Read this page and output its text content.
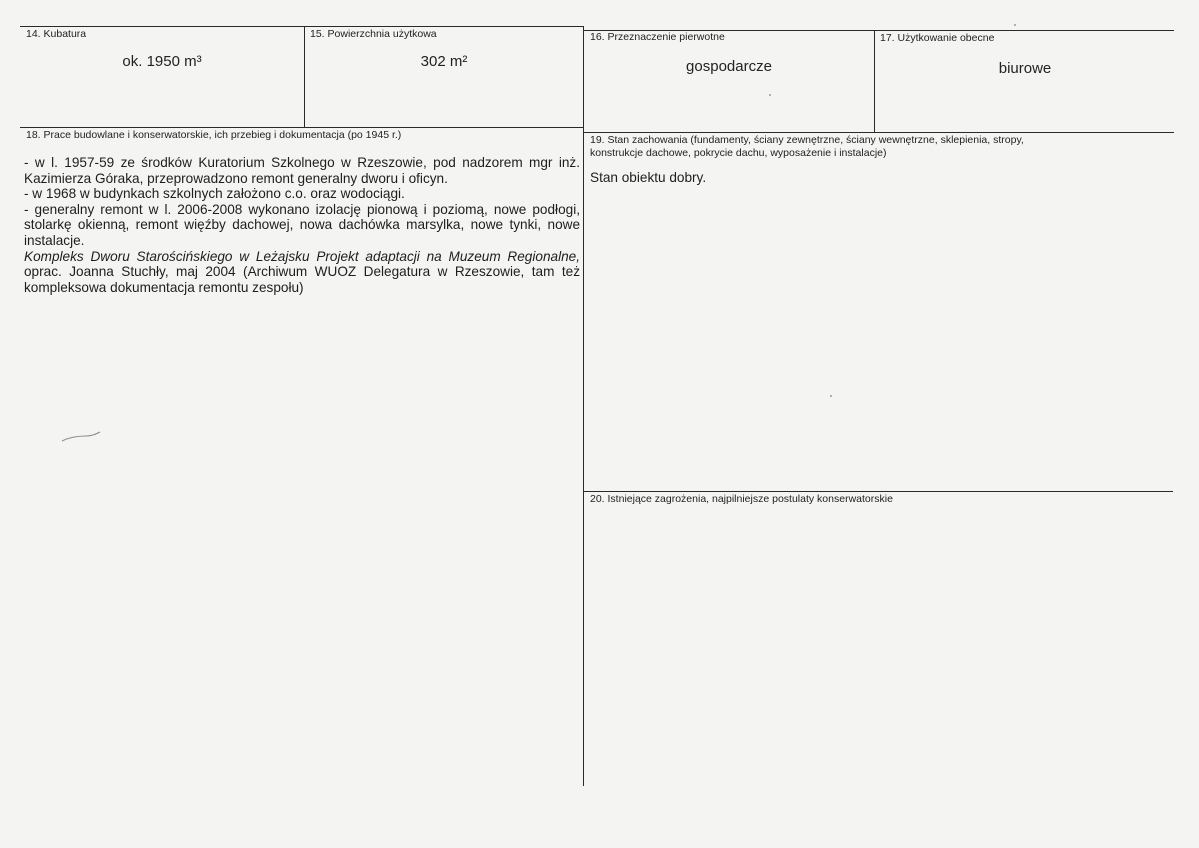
14. Kubatura
ok. 1950 m³
15. Powierzchnia użytkowa
302 m²
16. Przeznaczenie pierwotne
gospodarcze
17. Użytkowanie obecne
biurowe
18. Prace budowlane i konserwatorskie, ich przebieg i dokumentacja (po 1945 r.)

- w l. 1957-59 ze środków Kuratorium Szkolnego w Rzeszowie, pod nadzorem mgr inż. Kazimierza Góraka, przeprowadzono remont generalny dworu i oficyn.

- w 1968 w budynkach szkolnych założono c.o. oraz wodociągi.

- generalny remont w l. 2006-2008 wykonano izolację pionową i poziomą, nowe podłogi, stolarkę okienną, remont więźby dachowej, nowa dachówka marsylka, nowe tynki, nowe instalacje.

Kompleks Dworu Starościńskiego w Leżajsku Projekt adaptacji na Muzeum Regionalne, oprac. Joanna Stuchły, maj 2004 (Archiwum WUOZ Delegatura w Rzeszowie, tam też kompleksowa dokumentacja remontu zespołu)

19. Stan zachowania (fundamenty, ściany zewnętrzne, ściany wewnętrzne, sklepienia, stropy,
konstrukcje dachowe, pokrycie dachu, wyposażenie i instalacje)
Stan obiektu dobry.
20. Istniejące zagrożenia, najpilniejsze postulaty konserwatorskie
